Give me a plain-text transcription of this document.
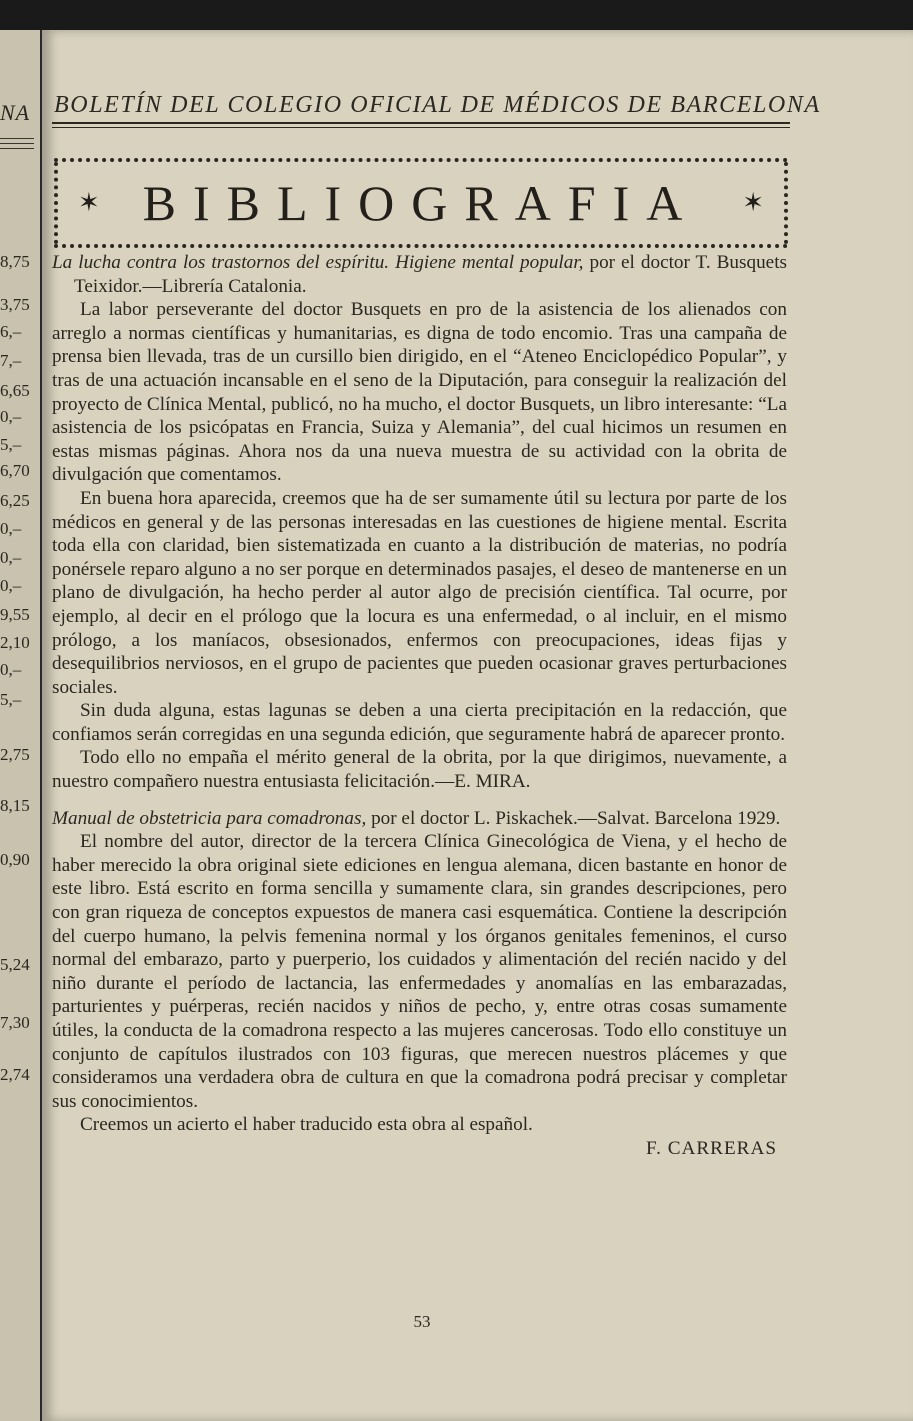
NA
8,75
3,75
6,–
7,–
6,65
0,–
5,–
6,70
6,25
0,–
0,–
0,–
9,55
2,10
0,–
5,–
2,75
8,15
0,90
5,24
7,30
2,74
BOLETÍN DEL COLEGIO OFICIAL DE MÉDICOS DE BARCELONA
✶ BIBLIOGRAFIA	✶

La lucha contra los trastornos del espíritu. Higiene mental popular, por el doctor T. Busquets Teixidor.—Librería Catalonia.

La labor perseverante del doctor Busquets en pro de la asistencia de los alienados con arreglo a normas científicas y humanitarias, es digna de todo encomio. Tras una campaña de prensa bien llevada, tras de un cursillo bien dirigido, en el “Ateneo Enciclopédico Popular”, y tras de una actuación incansable en el seno de la Diputación, para conseguir la realización del proyecto de Clínica Mental, publicó, no ha mucho, el doctor Busquets, un libro interesante: “La asistencia de los psicópatas en Francia, Suiza y Alemania”, del cual hicimos un resumen en estas mismas páginas. Ahora nos da una nueva muestra de su actividad con la obrita de divulgación que comentamos.

En buena hora aparecida, creemos que ha de ser sumamente útil su lectura por parte de los médicos en general y de las personas interesadas en las cuestiones de higiene mental. Escrita toda ella con claridad, bien sistematizada en cuanto a la distribución de materias, no podría ponérsele reparo alguno a no ser porque en determinados pasajes, el deseo de mantenerse en un plano de divulgación, ha hecho perder al autor algo de precisión científica. Tal ocurre, por ejemplo, al decir en el prólogo que la locura es una enfermedad, o al incluir, en el mismo prólogo, a los maníacos, obsesionados, enfermos con preocupaciones, ideas fijas y desequilibrios nerviosos, en el grupo de pacientes que pueden ocasionar graves perturbaciones sociales.

Sin duda alguna, estas lagunas se deben a una cierta precipitación en la redacción, que confiamos serán corregidas en una segunda edición, que seguramente habrá de aparecer pronto.

Todo ello no empaña el mérito general de la obrita, por la que dirigimos, nuevamente, a nuestro compañero nuestra entusiasta felicitación.—E. MIRA.

Manual de obstetricia para comadronas, por el doctor L. Piskachek.—Salvat. Barcelona 1929.

El nombre del autor, director de la tercera Clínica Ginecológica de Viena, y el hecho de haber merecido la obra original siete ediciones en lengua alemana, dicen bastante en honor de este libro. Está escrito en forma sencilla y sumamente clara, sin grandes descripciones, pero con gran riqueza de conceptos expuestos de manera casi esquemática. Contiene la descripción del cuerpo humano, la pelvis femenina normal y los órganos genitales femeninos, el curso normal del embarazo, parto y puerperio, los cuidados y alimentación del recién nacido y del niño durante el período de lactancia, las enfermedades y anomalías en las embarazadas, parturientes y puérperas, recién nacidos y niños de pecho, y, entre otras cosas sumamente útiles, la conducta de la comadrona respecto a las mujeres cancerosas. Todo ello constituye un conjunto de capítulos ilustrados con 103 figuras, que merecen nuestros plácemes y que consideramos una verdadera obra de cultura en que la comadrona podrá precisar y completar sus conocimientos.

Creemos un acierto el haber traducido esta obra al español.

F. CARRERAS

53
